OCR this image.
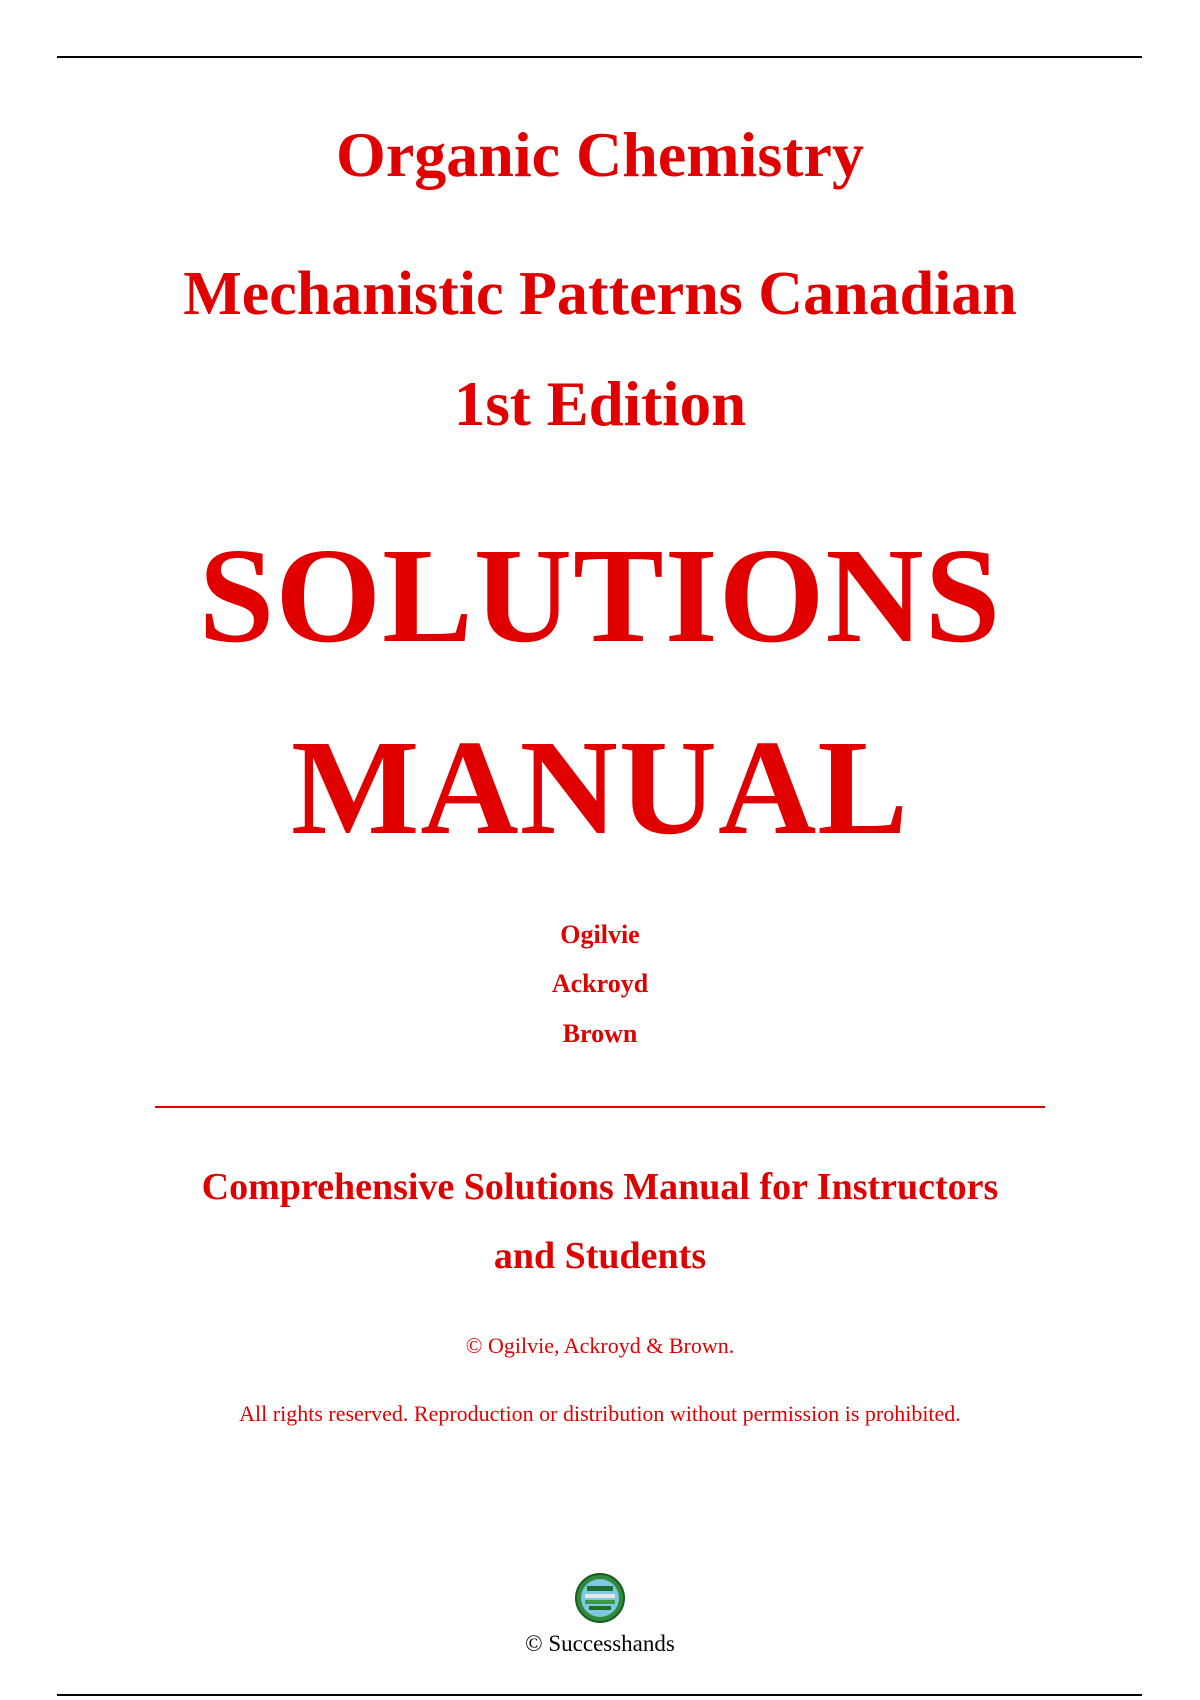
Organic Chemistry
Mechanistic Patterns Canadian
1st Edition
SOLUTIONS
MANUAL
Ogilvie
Ackroyd
Brown
Comprehensive Solutions Manual for Instructors
and Students
© Ogilvie, Ackroyd & Brown.
All rights reserved. Reproduction or distribution without permission is prohibited.
© Successhands
